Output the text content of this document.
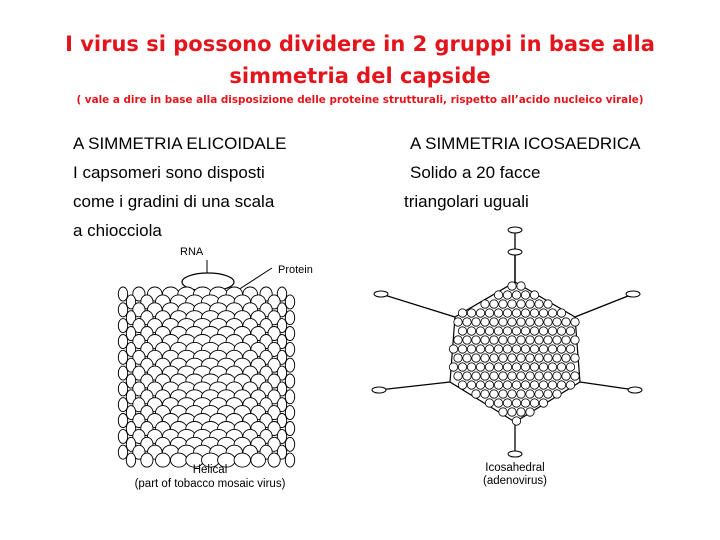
I virus si possono dividere in 2 gruppi in base alla
simmetria del capside
( vale a dire in base alla disposizione delle proteine strutturali, rispetto all’acido nucleico virale)
A SIMMETRIA ELICOIDALE
I capsomeri sono disposti
come i gradini di una scala
a chiocciola
A SIMMETRIA ICOSAEDRICA
Solido a 20 facce
triangolari uguali
RNA
Protein
Helical
(part of tobacco mosaic virus)
Icosahedral
(adenovirus)
